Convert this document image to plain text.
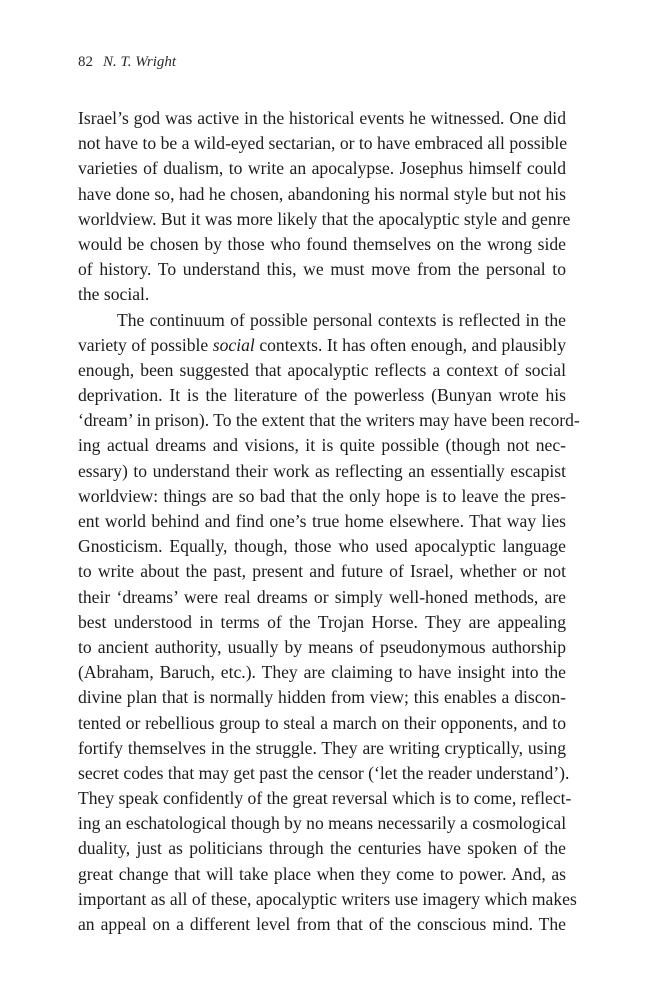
82 N. T. Wright
Israel’s god was active in the historical events he witnessed. One did
not have to be a wild-eyed sectarian, or to have embraced all possible
varieties of dualism, to write an apocalypse. Josephus himself could
have done so, had he chosen, abandoning his normal style but not his
worldview. But it was more likely that the apocalyptic style and genre
would be chosen by those who found themselves on the wrong side
of history. To understand this, we must move from the personal to
the social.
The continuum of possible personal contexts is reflected in the
variety of possible social contexts. It has often enough, and plausibly
enough, been suggested that apocalyptic reflects a context of social
deprivation. It is the literature of the powerless (Bunyan wrote his
‘dream’ in prison). To the extent that the writers may have been record-
ing actual dreams and visions, it is quite possible (though not nec-
essary) to understand their work as reflecting an essentially escapist
worldview: things are so bad that the only hope is to leave the pres-
ent world behind and find one’s true home elsewhere. That way lies
Gnosticism. Equally, though, those who used apocalyptic language
to write about the past, present and future of Israel, whether or not
their ‘dreams’ were real dreams or simply well-honed methods, are
best understood in terms of the Trojan Horse. They are appealing
to ancient authority, usually by means of pseudonymous authorship
(Abraham, Baruch, etc.). They are claiming to have insight into the
divine plan that is normally hidden from view; this enables a discon-
tented or rebellious group to steal a march on their opponents, and to
fortify themselves in the struggle. They are writing cryptically, using
secret codes that may get past the censor (‘let the reader understand’).
They speak confidently of the great reversal which is to come, reflect-
ing an eschatological though by no means necessarily a cosmological
duality, just as politicians through the centuries have spoken of the
great change that will take place when they come to power. And, as
important as all of these, apocalyptic writers use imagery which makes
an appeal on a different level from that of the conscious mind. The
